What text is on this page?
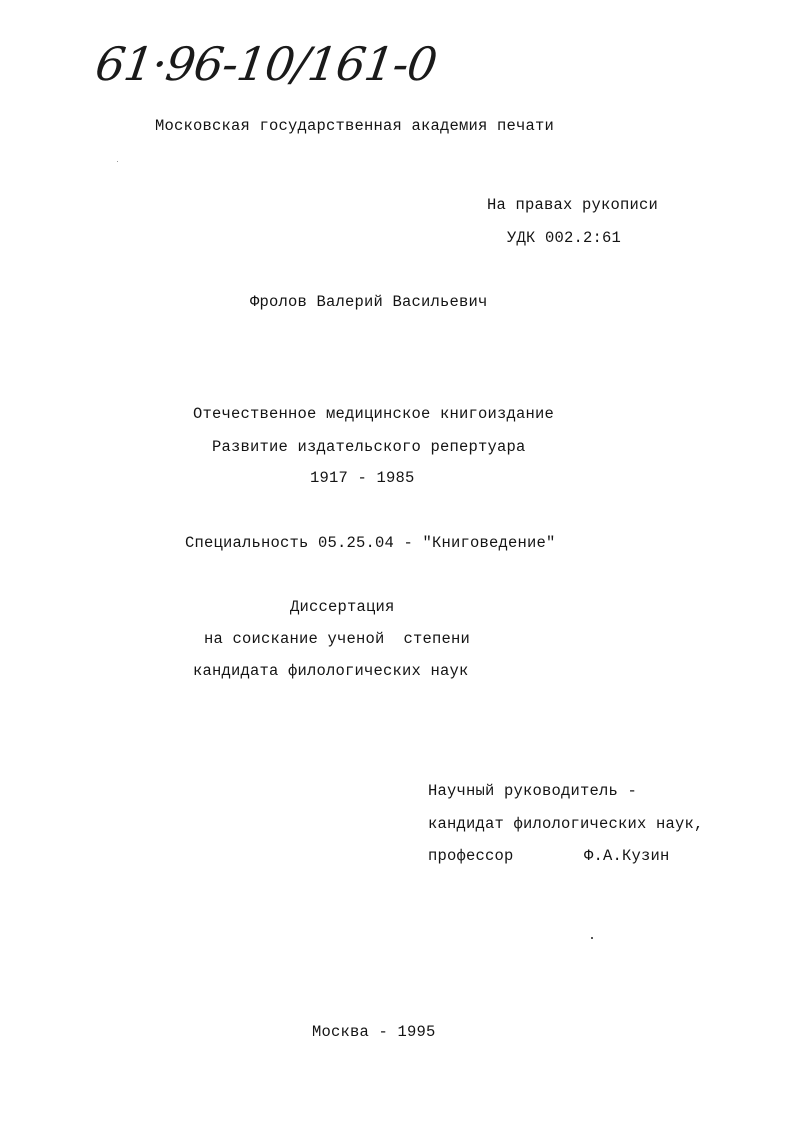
61·96-10/161-0
Московская государственная академия печати
На правах рукописи
УДК 002.2:61
Фролов Валерий Васильевич
Отечественное медицинское книгоиздание
Развитие издательского репертуара
1917 - 1985
Специальность 05.25.04 - "Книговедение"
Диссертация
на соискание ученой  степени
кандидата филологических наук
Научный руководитель -
кандидат филологических наук,
профессор	Ф.А.Кузин
Москва - 1995
